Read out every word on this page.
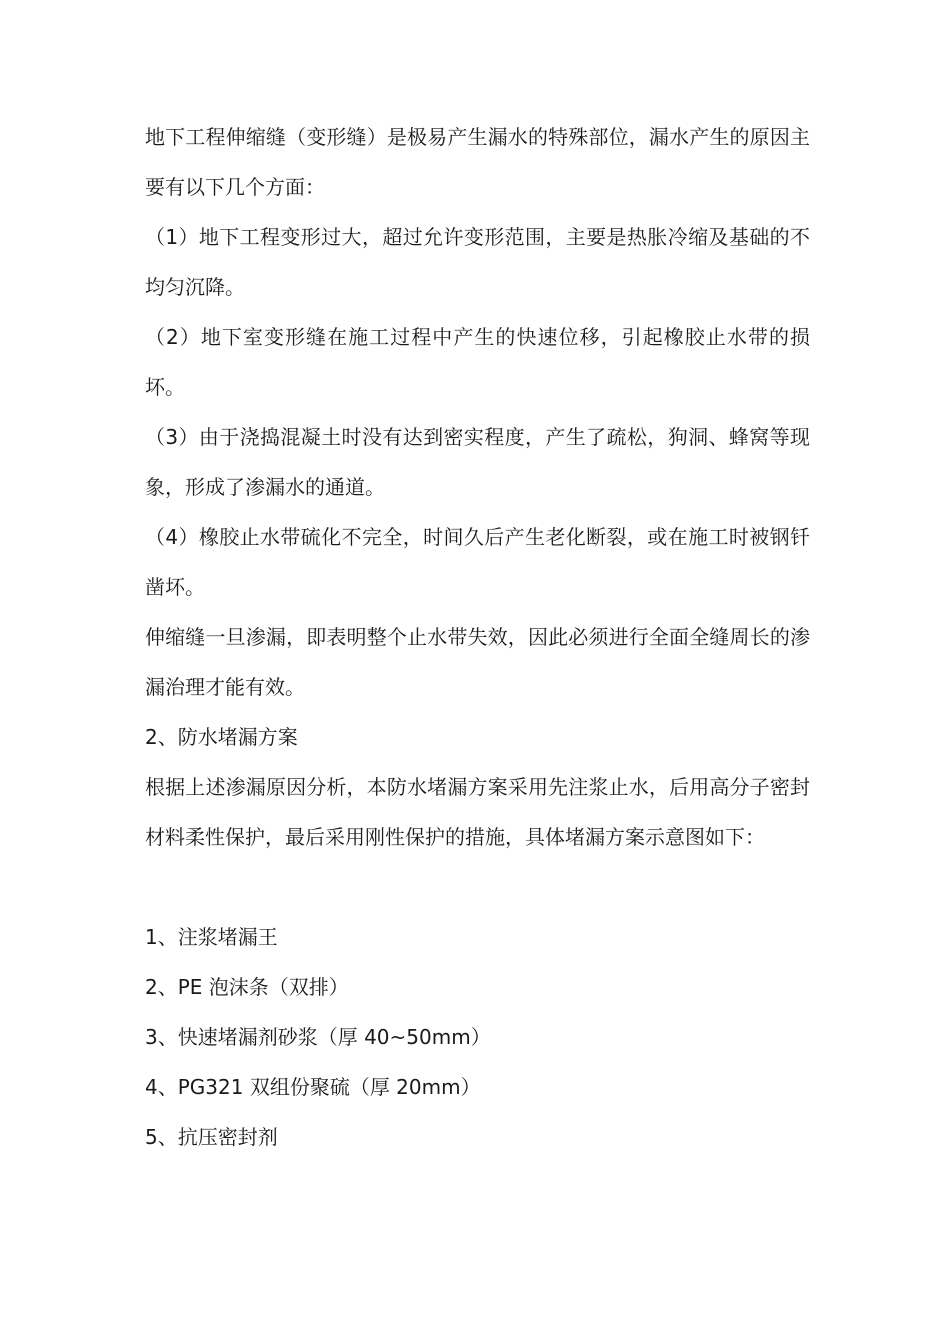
地下工程伸缩缝（变形缝）是极易产生漏水的特殊部位，漏水产生的原因主要有以下几个方面：

（1）地下工程变形过大，超过允许变形范围，主要是热胀冷缩及基础的不均匀沉降。

（2）地下室变形缝在施工过程中产生的快速位移，引起橡胶止水带的损坏。

（3）由于浇捣混凝土时没有达到密实程度，产生了疏松，狗洞、蜂窝等现象，形成了渗漏水的通道。

（4）橡胶止水带硫化不完全，时间久后产生老化断裂，或在施工时被钢钎凿坏。

伸缩缝一旦渗漏，即表明整个止水带失效，因此必须进行全面全缝周长的渗漏治理才能有效。

2、防水堵漏方案

根据上述渗漏原因分析，本防水堵漏方案采用先注浆止水，后用高分子密封材料柔性保护，最后采用刚性保护的措施，具体堵漏方案示意图如下：

1、注浆堵漏王
2、PE 泡沫条（双排）
3、快速堵漏剂砂浆（厚 40~50mm）
4、PG321 双组份聚硫（厚 20mm）
5、抗压密封剂
